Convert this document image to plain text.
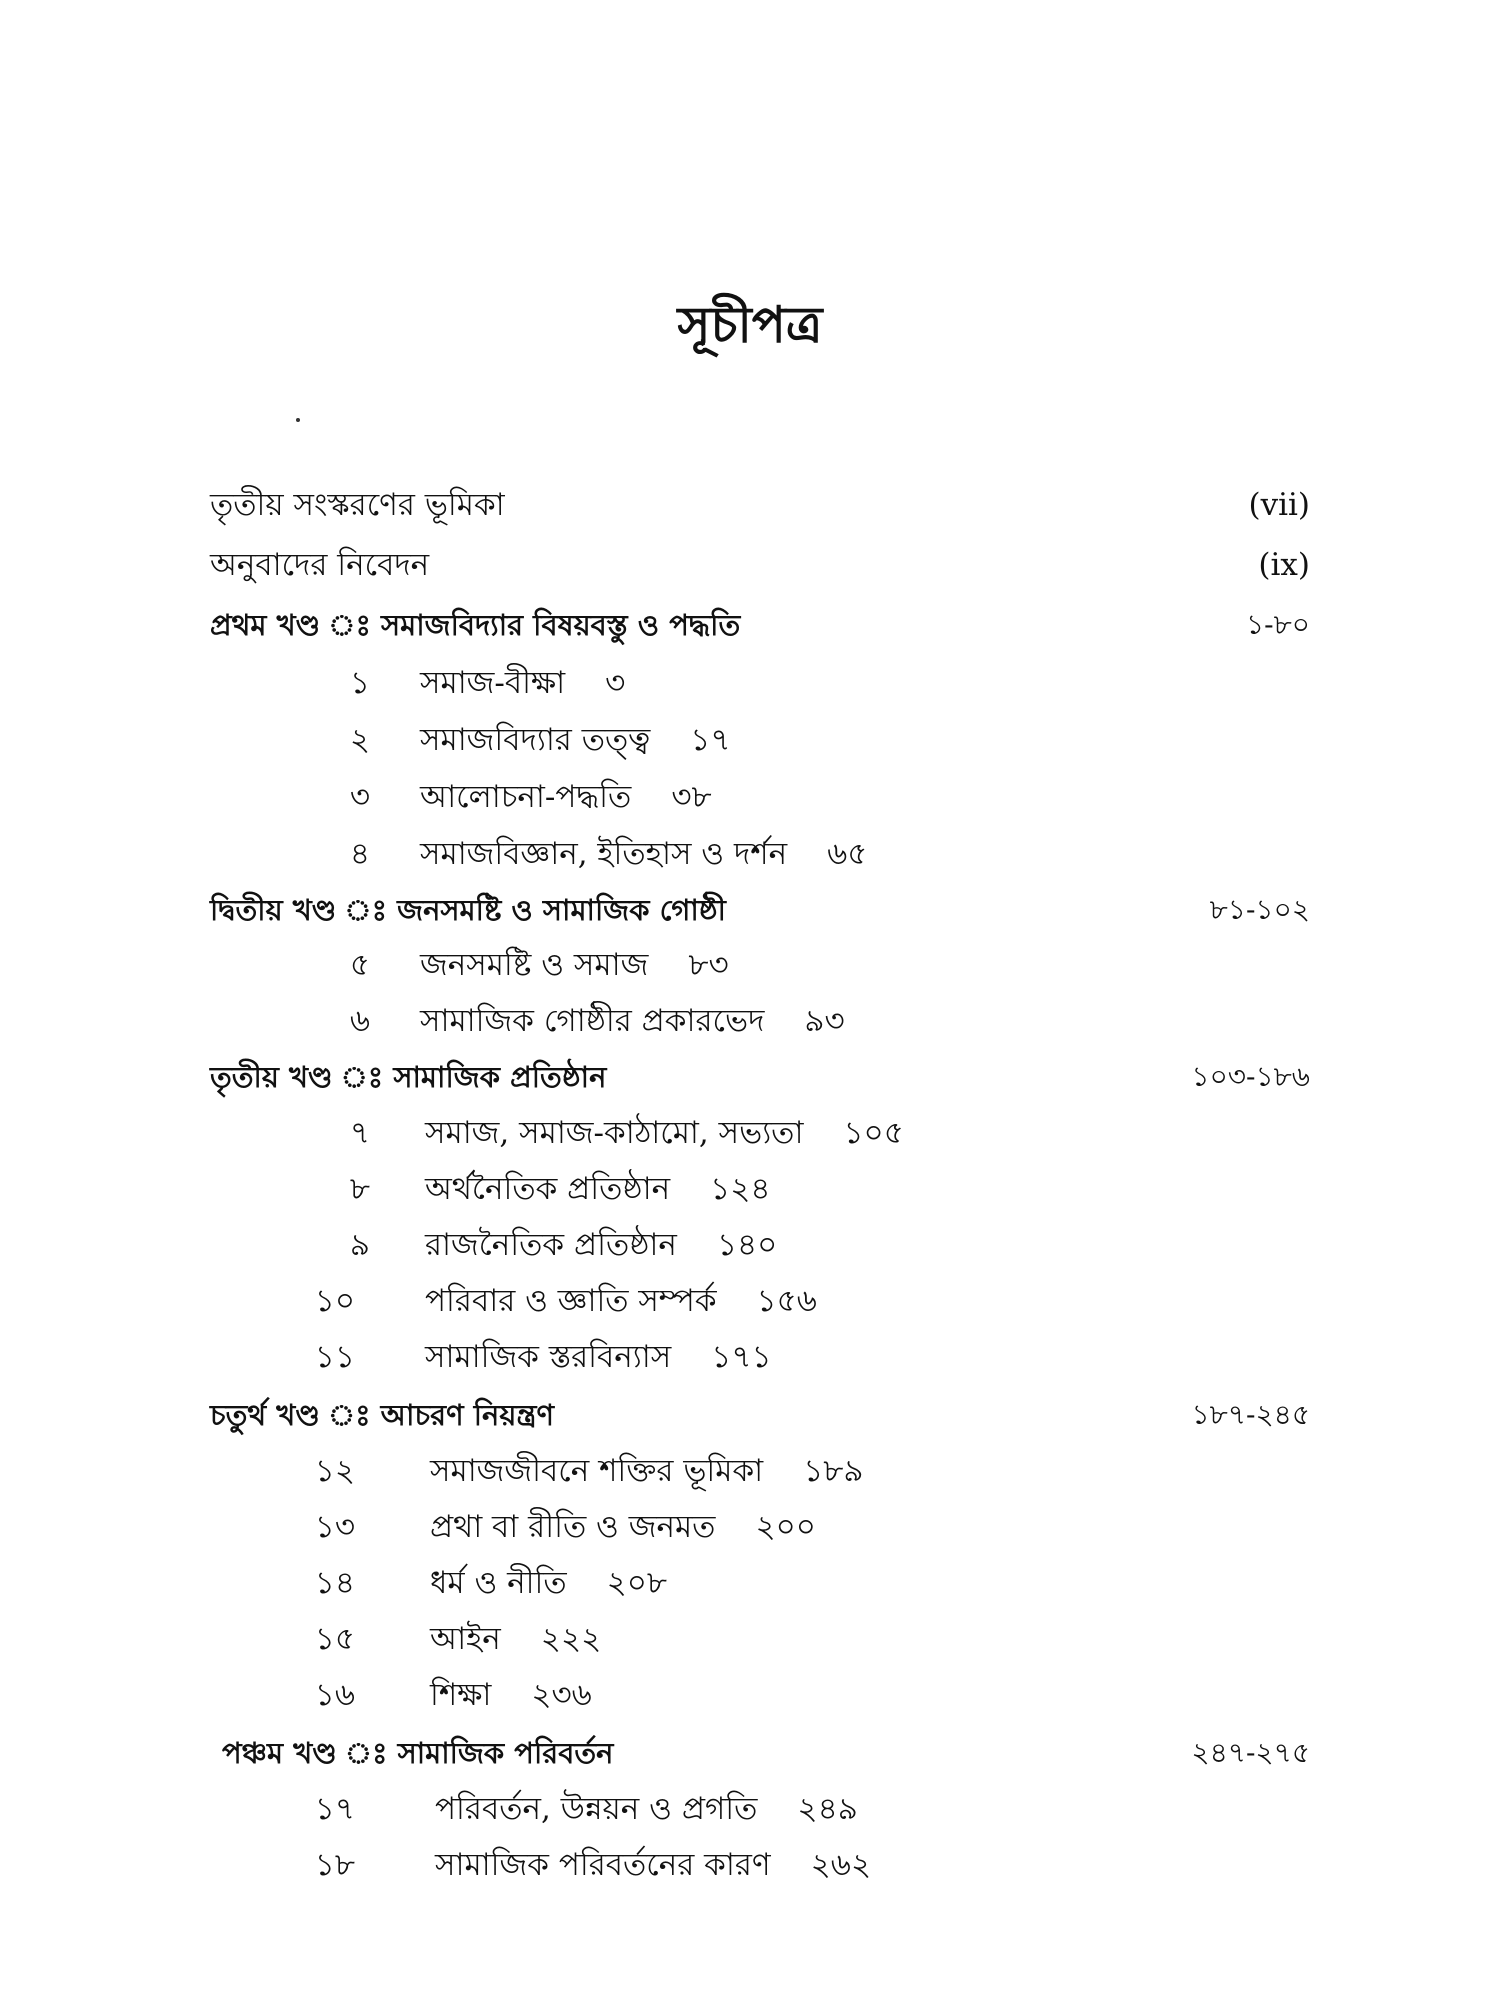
সূচীপত্র
তৃতীয় সংস্করণের ভূমিকা	(vii)
অনুবাদের নিবেদন	(ix)
প্রথম খণ্ড ঃ সমাজবিদ্যার বিষয়বস্তু ও পদ্ধতি	১-৮০
১ সমাজ-বীক্ষা ৩
২ সমাজবিদ্যার তত্ত্ব ১৭
৩ আলোচনা-পদ্ধতি ৩৮
৪ সমাজবিজ্ঞান, ইতিহাস ও দর্শন ৬৫
দ্বিতীয় খণ্ড ঃ জনসমষ্টি ও সামাজিক গোষ্ঠী	৮১-১০২
৫ জনসমষ্টি ও সমাজ ৮৩
৬ সামাজিক গোষ্ঠীর প্রকারভেদ ৯৩
তৃতীয় খণ্ড ঃ সামাজিক প্রতিষ্ঠান	১০৩-১৮৬
৭ সমাজ, সমাজ-কাঠামো, সভ্যতা ১০৫
৮ অর্থনৈতিক প্রতিষ্ঠান ১২৪
৯ রাজনৈতিক প্রতিষ্ঠান ১৪০
১০ পরিবার ও জ্ঞাতি সম্পর্ক ১৫৬
১১ সামাজিক স্তরবিন্যাস ১৭১
চতুর্থ খণ্ড ঃ আচরণ নিয়ন্ত্রণ	১৮৭-২৪৫
১২ সমাজজীবনে শক্তির ভূমিকা ১৮৯
১৩ প্রথা বা রীতি ও জনমত ২০০
১৪ ধর্ম ও নীতি ২০৮
১৫ আইন ২২২
১৬ শিক্ষা ২৩৬
পঞ্চম খণ্ড ঃ সামাজিক পরিবর্তন	২৪৭-২৭৫
১৭	পরিবর্তন, উন্নয়ন ও প্রগতি ২৪৯
১৮	সামাজিক পরিবর্তনের কারণ ২৬২
